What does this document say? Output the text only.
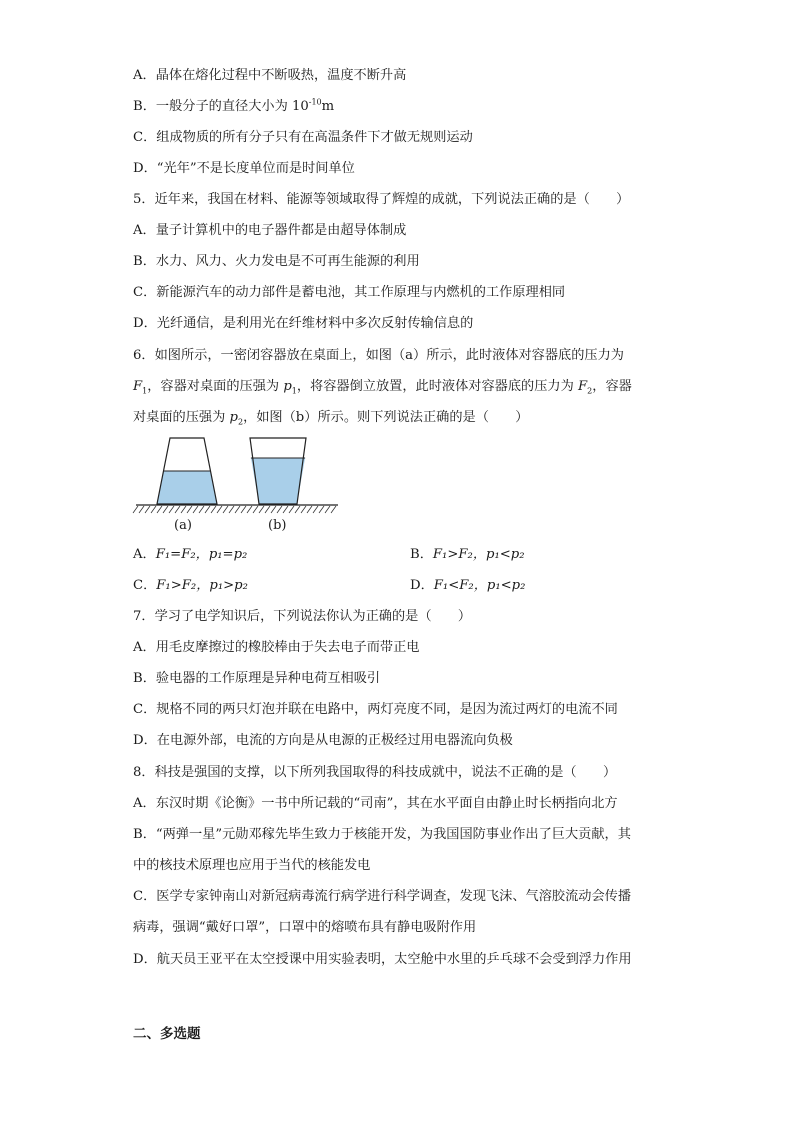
A．晶体在熔化过程中不断吸热，温度不断升高
B．一般分子的直径大小为 $10^{-10}m$
C．组成物质的所有分子只有在高温条件下才做无规则运动
D．“光年”不是长度单位而是时间单位
5．近年来，我国在材料、能源等领域取得了辉煌的成就，下列说法正确的是（　　）
A．量子计算机中的电子器件都是由超导体制成
B．水力、风力、火力发电是不可再生能源的利用
C．新能源汽车的动力部件是蓄电池，其工作原理与内燃机的工作原理相同
D．光纤通信，是利用光在纤维材料中多次反射传输信息的
6．如图所示，一密闭容器放在桌面上，如图（a）所示，此时液体对容器底的压力为
$F_1$，容器对桌面的压强为 $p_1$，将容器倒立放置，此时液体对容器底的压力为 $F_2$，容器
对桌面的压强为 $p_2$，如图（b）所示。则下列说法正确的是（　　）
(a)	(b)
A．F₁=F₂，p₁=p₂	B．F₁>F₂，p₁<p₂
C．F₁>F₂，p₁>p₂	D．F₁<F₂，p₁<p₂
7．学习了电学知识后，下列说法你认为正确的是（　　）
A．用毛皮摩擦过的橡胶棒由于失去电子而带正电
B．验电器的工作原理是异种电荷互相吸引
C．规格不同的两只灯泡并联在电路中，两灯亮度不同，是因为流过两灯的电流不同
D．在电源外部，电流的方向是从电源的正极经过用电器流向负极
8．科技是强国的支撑，以下所列我国取得的科技成就中，说法不正确的是（　　）
A．东汉时期《论衡》一书中所记载的“司南”，其在水平面自由静止时长柄指向北方
B．“两弹一星”元勋邓稼先毕生致力于核能开发，为我国国防事业作出了巨大贡献，其
中的核技术原理也应用于当代的核能发电
C．医学专家钟南山对新冠病毒流行病学进行科学调查，发现飞沫、气溶胶流动会传播
病毒，强调“戴好口罩”，口罩中的熔喷布具有静电吸附作用
D．航天员王亚平在太空授课中用实验表明，太空舱中水里的乒乓球不会受到浮力作用
二、多选题
